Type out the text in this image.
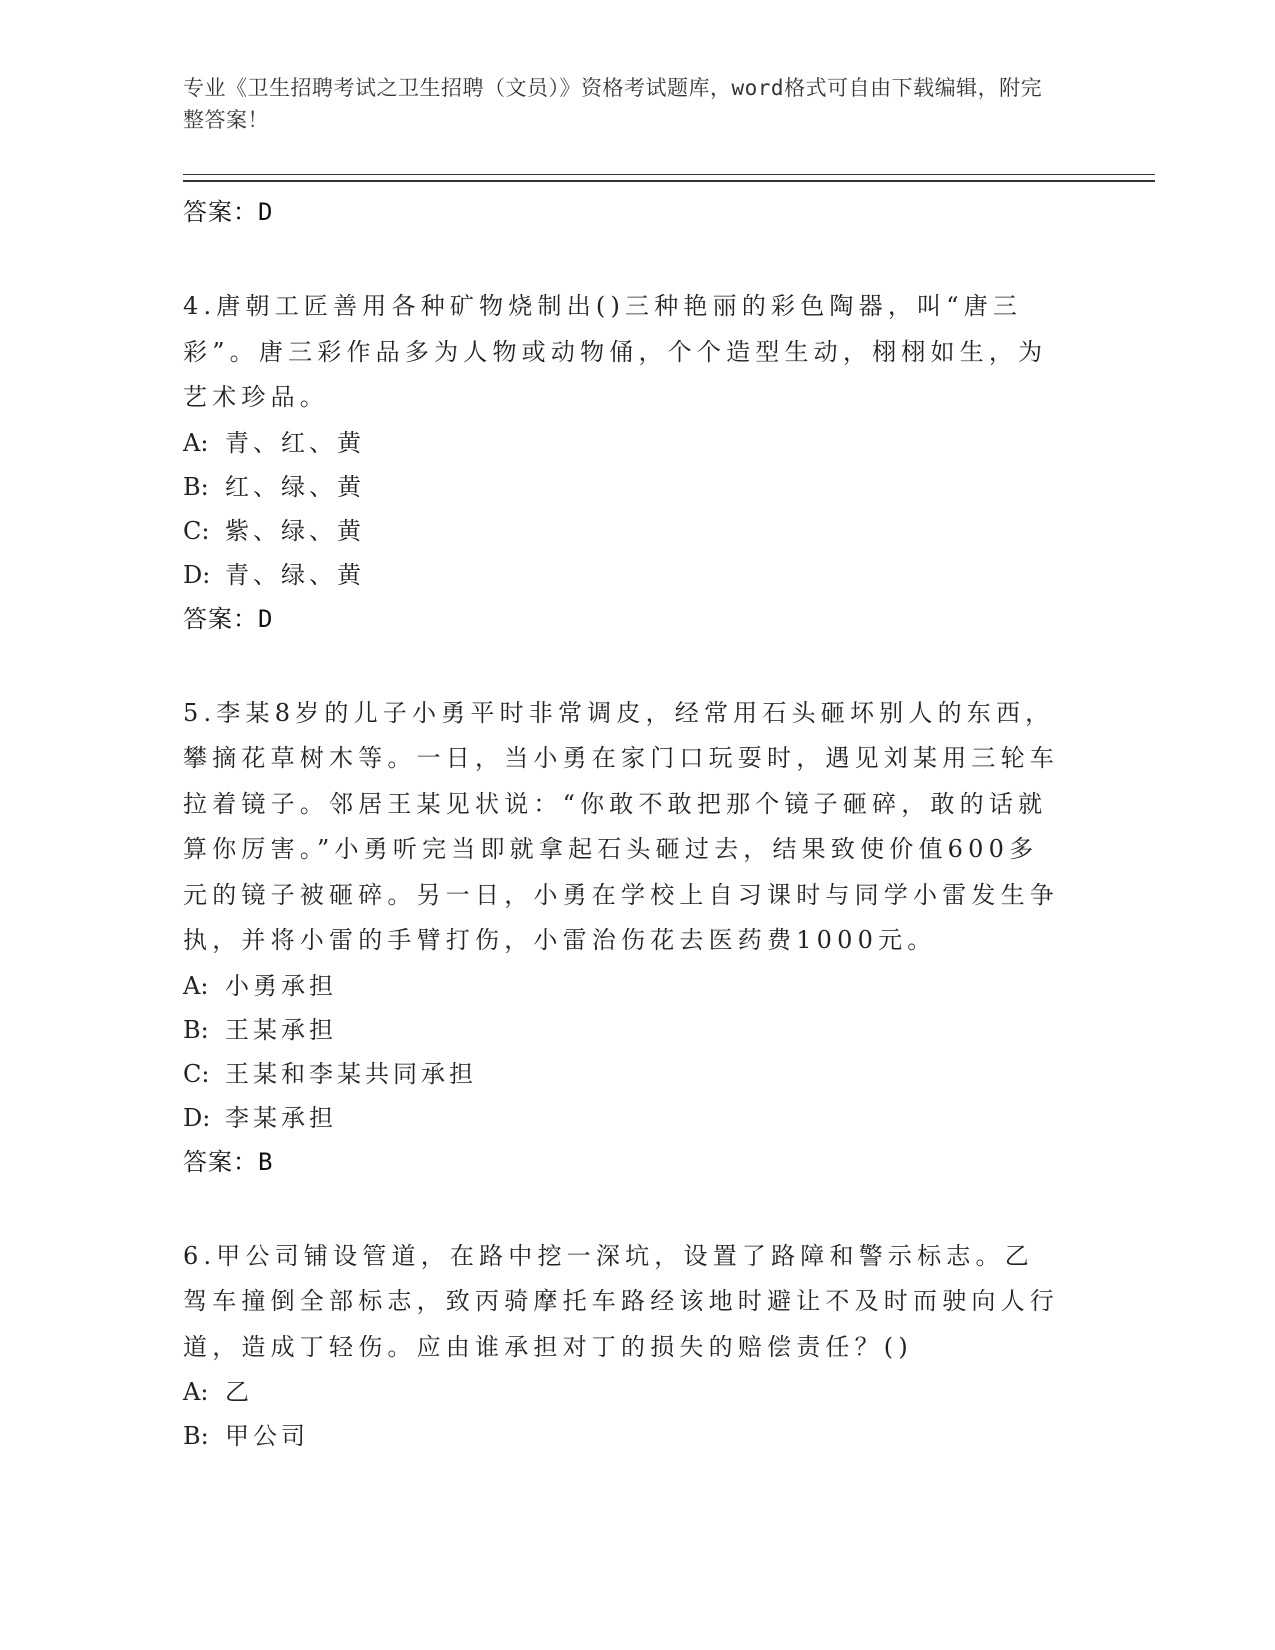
专业《卫生招聘考试之卫生招聘（文员）》资格考试题库，word格式可自由下载编辑，附完整答案！
答案：D
4.唐朝工匠善用各种矿物烧制出()三种艳丽的彩色陶器，叫“唐三彩”。唐三彩作品多为人物或动物俑，个个造型生动，栩栩如生，为艺术珍品。
A: 青、红、黄
B: 红、绿、黄
C: 紫、绿、黄
D: 青、绿、黄
答案：D
5.李某8岁的儿子小勇平时非常调皮，经常用石头砸坏别人的东西，攀摘花草树木等。一日，当小勇在家门口玩耍时，遇见刘某用三轮车拉着镜子。邻居王某见状说：“你敢不敢把那个镜子砸碎，敢的话就算你厉害。”小勇听完当即就拿起石头砸过去，结果致使价值600多元的镜子被砸碎。另一日，小勇在学校上自习课时与同学小雷发生争执，并将小雷的手臂打伤，小雷治伤花去医药费1000元。
A: 小勇承担
B: 王某承担
C: 王某和李某共同承担
D: 李某承担
答案：B
6.甲公司铺设管道，在路中挖一深坑，设置了路障和警示标志。乙驾车撞倒全部标志，致丙骑摩托车路经该地时避让不及时而驶向人行道，造成丁轻伤。应由谁承担对丁的损失的赔偿责任？()
A: 乙
B: 甲公司
